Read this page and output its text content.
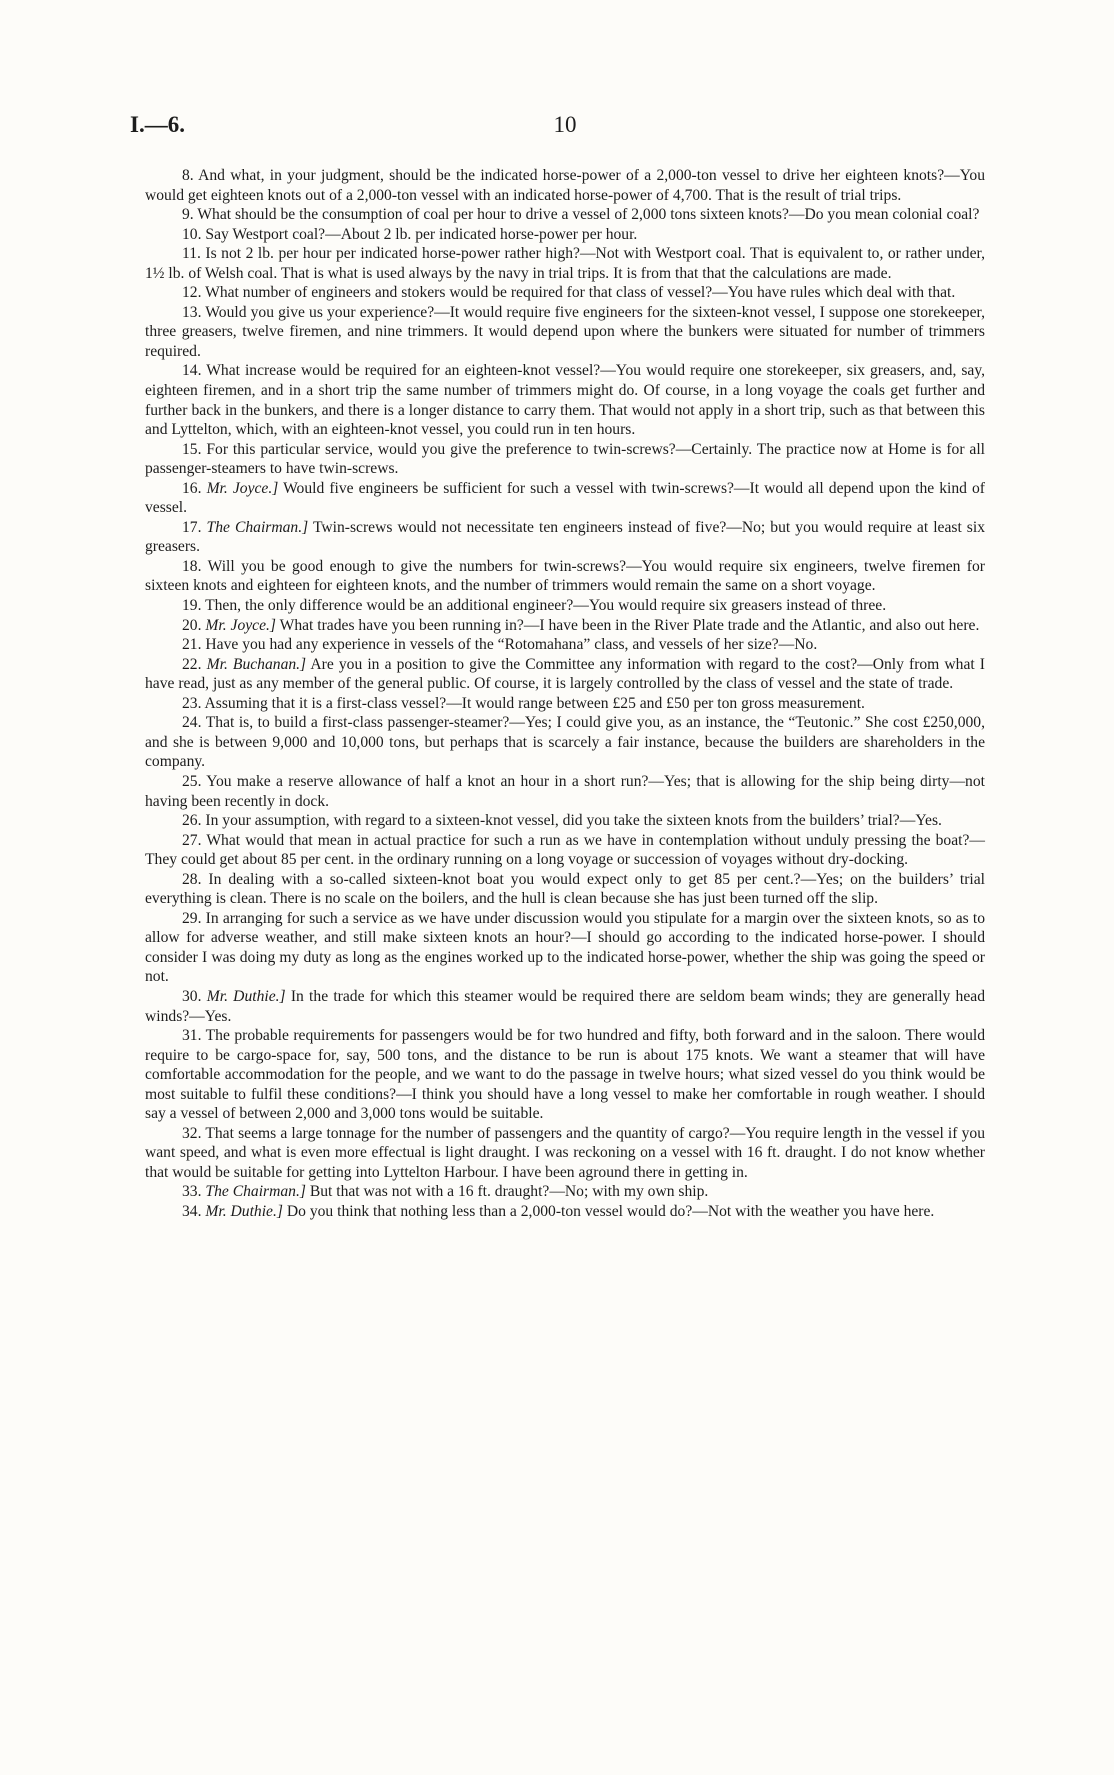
I.—6.	10

8. And what, in your judgment, should be the indicated horse-power of a 2,000-ton vessel to drive her eighteen knots?—You would get eighteen knots out of a 2,000-ton vessel with an indicated horse-power of 4,700. That is the result of trial trips.

9. What should be the consumption of coal per hour to drive a vessel of 2,000 tons sixteen knots?—Do you mean colonial coal?

10. Say Westport coal?—About 2 lb. per indicated horse-power per hour.

11. Is not 2 lb. per hour per indicated horse-power rather high?—Not with Westport coal. That is equivalent to, or rather under, 1½ lb. of Welsh coal. That is what is used always by the navy in trial trips. It is from that that the calculations are made.

12. What number of engineers and stokers would be required for that class of vessel?—You have rules which deal with that.

13. Would you give us your experience?—It would require five engineers for the sixteen-knot vessel, I suppose one storekeeper, three greasers, twelve firemen, and nine trimmers. It would depend upon where the bunkers were situated for number of trimmers required.

14. What increase would be required for an eighteen-knot vessel?—You would require one storekeeper, six greasers, and, say, eighteen firemen, and in a short trip the same number of trimmers might do. Of course, in a long voyage the coals get further and further back in the bunkers, and there is a longer distance to carry them. That would not apply in a short trip, such as that between this and Lyttelton, which, with an eighteen-knot vessel, you could run in ten hours.

15. For this particular service, would you give the preference to twin-screws?—Certainly. The practice now at Home is for all passenger-steamers to have twin-screws.

16. Mr. Joyce.] Would five engineers be sufficient for such a vessel with twin-screws?—It would all depend upon the kind of vessel.

17. The Chairman.] Twin-screws would not necessitate ten engineers instead of five?—No; but you would require at least six greasers.

18. Will you be good enough to give the numbers for twin-screws?—You would require six engineers, twelve firemen for sixteen knots and eighteen for eighteen knots, and the number of trimmers would remain the same on a short voyage.

19. Then, the only difference would be an additional engineer?—You would require six greasers instead of three.

20. Mr. Joyce.] What trades have you been running in?—I have been in the River Plate trade and the Atlantic, and also out here.

21. Have you had any experience in vessels of the “Rotomahana” class, and vessels of her size?—No.

22. Mr. Buchanan.] Are you in a position to give the Committee any information with regard to the cost?—Only from what I have read, just as any member of the general public. Of course, it is largely controlled by the class of vessel and the state of trade.

23. Assuming that it is a first-class vessel?—It would range between £25 and £50 per ton gross measurement.

24. That is, to build a first-class passenger-steamer?—Yes; I could give you, as an instance, the “Teutonic.” She cost £250,000, and she is between 9,000 and 10,000 tons, but perhaps that is scarcely a fair instance, because the builders are shareholders in the company.

25. You make a reserve allowance of half a knot an hour in a short run?—Yes; that is allowing for the ship being dirty—not having been recently in dock.

26. In your assumption, with regard to a sixteen-knot vessel, did you take the sixteen knots from the builders’ trial?—Yes.

27. What would that mean in actual practice for such a run as we have in contemplation without unduly pressing the boat?—They could get about 85 per cent. in the ordinary running on a long voyage or succession of voyages without dry-docking.

28. In dealing with a so-called sixteen-knot boat you would expect only to get 85 per cent.?—Yes; on the builders’ trial everything is clean. There is no scale on the boilers, and the hull is clean because she has just been turned off the slip.

29. In arranging for such a service as we have under discussion would you stipulate for a margin over the sixteen knots, so as to allow for adverse weather, and still make sixteen knots an hour?—I should go according to the indicated horse-power. I should consider I was doing my duty as long as the engines worked up to the indicated horse-power, whether the ship was going the speed or not.

30. Mr. Duthie.] In the trade for which this steamer would be required there are seldom beam winds; they are generally head winds?—Yes.

31. The probable requirements for passengers would be for two hundred and fifty, both forward and in the saloon. There would require to be cargo-space for, say, 500 tons, and the distance to be run is about 175 knots. We want a steamer that will have comfortable accommodation for the people, and we want to do the passage in twelve hours; what sized vessel do you think would be most suitable to fulfil these conditions?—I think you should have a long vessel to make her comfortable in rough weather. I should say a vessel of between 2,000 and 3,000 tons would be suitable.

32. That seems a large tonnage for the number of passengers and the quantity of cargo?—You require length in the vessel if you want speed, and what is even more effectual is light draught. I was reckoning on a vessel with 16 ft. draught. I do not know whether that would be suitable for getting into Lyttelton Harbour. I have been aground there in getting in.

33. The Chairman.] But that was not with a 16 ft. draught?—No; with my own ship.

34. Mr. Duthie.] Do you think that nothing less than a 2,000-ton vessel would do?—Not with the weather you have here.
